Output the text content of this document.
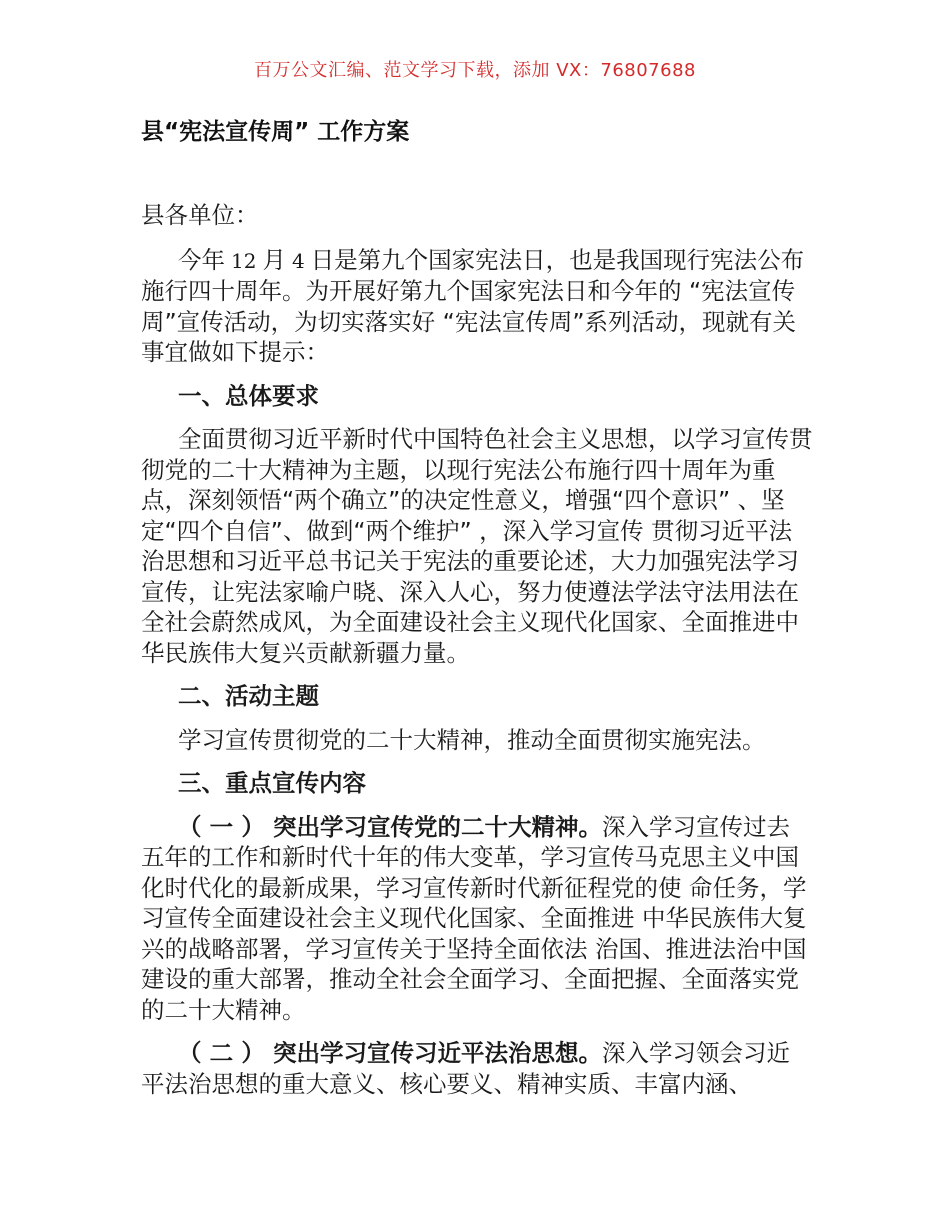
百万公文汇编、范文学习下载，添加 VX：76807688
县“宪法宣传周” 工作方案

县各单位：

今年 12 月 4 日是第九个国家宪法日，也是我国现行宪法公布施行四十周年。为开展好第九个国家宪法日和今年的 “宪法宣传周”宣传活动，为切实落实好 “宪法宣传周”系列活动，现就有关事宜做如下提示：

一、总体要求

全面贯彻习近平新时代中国特色社会主义思想，以学习宣传贯彻党的二十大精神为主题，以现行宪法公布施行四十周年为重点，深刻领悟“两个确立”的决定性意义，增强“四个意识” 、坚定“四个自信”、做到“两个维护” ，深入学习宣传 贯彻习近平法治思想和习近平总书记关于宪法的重要论述，大力加强宪法学习宣传，让宪法家喻户晓、深入人心，努力使遵法学法守法用法在全社会蔚然成风，为全面建设社会主义现代化国家、全面推进中华民族伟大复兴贡献新疆力量。

二、活动主题

学习宣传贯彻党的二十大精神，推动全面贯彻实施宪法。

三、重点宣传内容

（ 一 ） 突出学习宣传党的二十大精神。深入学习宣传过去五年的工作和新时代十年的伟大变革，学习宣传马克思主义中国化时代化的最新成果，学习宣传新时代新征程党的使 命任务，学习宣传全面建设社会主义现代化国家、全面推进 中华民族伟大复兴的战略部署，学习宣传关于坚持全面依法 治国、推进法治中国建设的重大部署，推动全社会全面学习、全面把握、全面落实党的二十大精神。

（ 二 ） 突出学习宣传习近平法治思想。深入学习领会习近平法治思想的重大意义、核心要义、精神实质、丰富内涵、
